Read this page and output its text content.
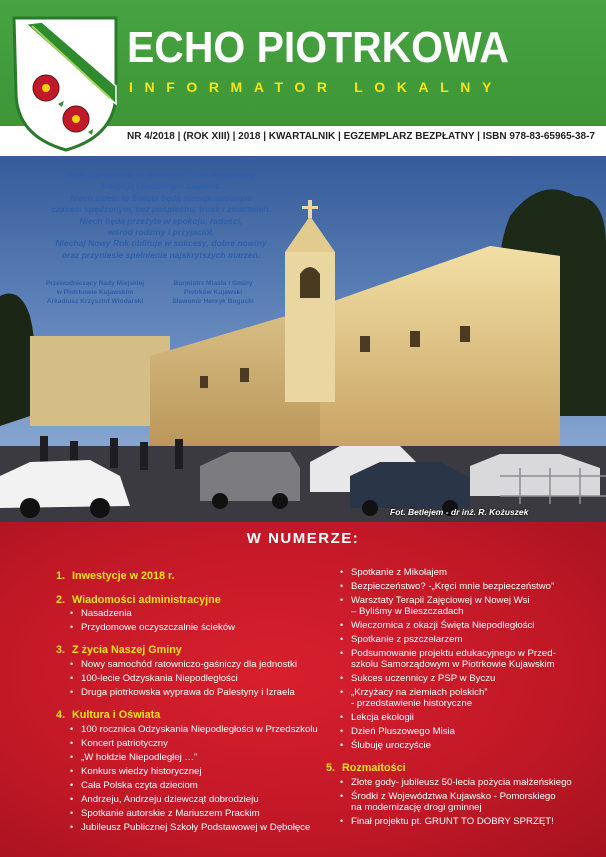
ECHO PIOTRKOWA
INFORMATOR LOKALNY
NR 4/2018 | (ROK XIII) | 2018 | KWARTALNIK | EGZEMPLARZ BEZPŁATNY | ISBN 978-83-65965-38-7

Boże Narodzenie to niezwykły czas wypełniony

tradycją i rodzinnym ciepłem.

Niech zatem te Święta będą niezapomnianym

czasem spędzonym, bez pośpiechu, trosk i zmartwień.

Niech będą przeżyte w spokoju, radości,

wśród rodziny i przyjaciół.

Niechaj Nowy Rok obfituje w sukcesy, dobre nowiny

oraz przyniesie spełnienie najskrytszych marzeń.

Przewodniczący Rady Miejskiej

w Piotrkowie Kujawskim

Arkadiusz Krzysztof Włodarski

Burmistrz Miasta i Gminy

Piotrków Kujawski

Sławomir Henryk Bogucki

Fot. Betlejem - dr inż. R. Kożuszek
W NUMERZE:
1. Inwestycje w 2018 r.
2. Wiadomości administracyjne
• Nasadzenia
• Przydomowe oczyszczalnie ścieków
3. Z życia Naszej Gminy
• Nowy samochód ratowniczo-gaśniczy dla jednostki
• 100-lecie Odzyskania Niepodległości
• Druga piotrkowska wyprawa do Palestyny i Izraela
4. Kultura i Oświata
• 100 rocznica Odzyskania Niepodległości w Przedszkolu
• Koncert patriotyczny
• „W hołdzie Niepodległej …”
• Konkurs wiedzy historycznej
• Cała Polska czyta dzieciom
• Andrzeju, Andrzeju dziewcząt dobrodzieju
• Spotkanie autorskie z Mariuszem Prackim
• Jubileusz Publicznej Szkoły Podstawowej w Dębołęce
• Spotkanie z Mikołajem
• Bezpieczeństwo? -„Kręci mnie bezpieczeństwo”
• Warsztaty Terapii Zajęciowej w Nowej Wsi
– Byliśmy w Bieszczadach
• Wieczornica z okazji Święta Niepodległości
• Spotkanie z pszczelarzem
• Podsumowanie projektu edukacyjnego w Przed-
szkolu Samorządowym w Piotrkowie Kujawskim
• Sukces uczennicy z PSP w Byczu
• „Krzyżacy na ziemiach polskich”
- przedstawienie historyczne
• Lekcja ekologii
• Dzień Pluszowego Misia
• Ślubuję uroczyście
5. Rozmaitości
• Złote gody- jubileusz 50-lecia pożycia małżeńskiego
• Środki z Województwa Kujawsko - Pomorskiego
na modernizację drogi gminnej
• Finał projektu pt. GRUNT TO DOBRY SPRZĘT!
